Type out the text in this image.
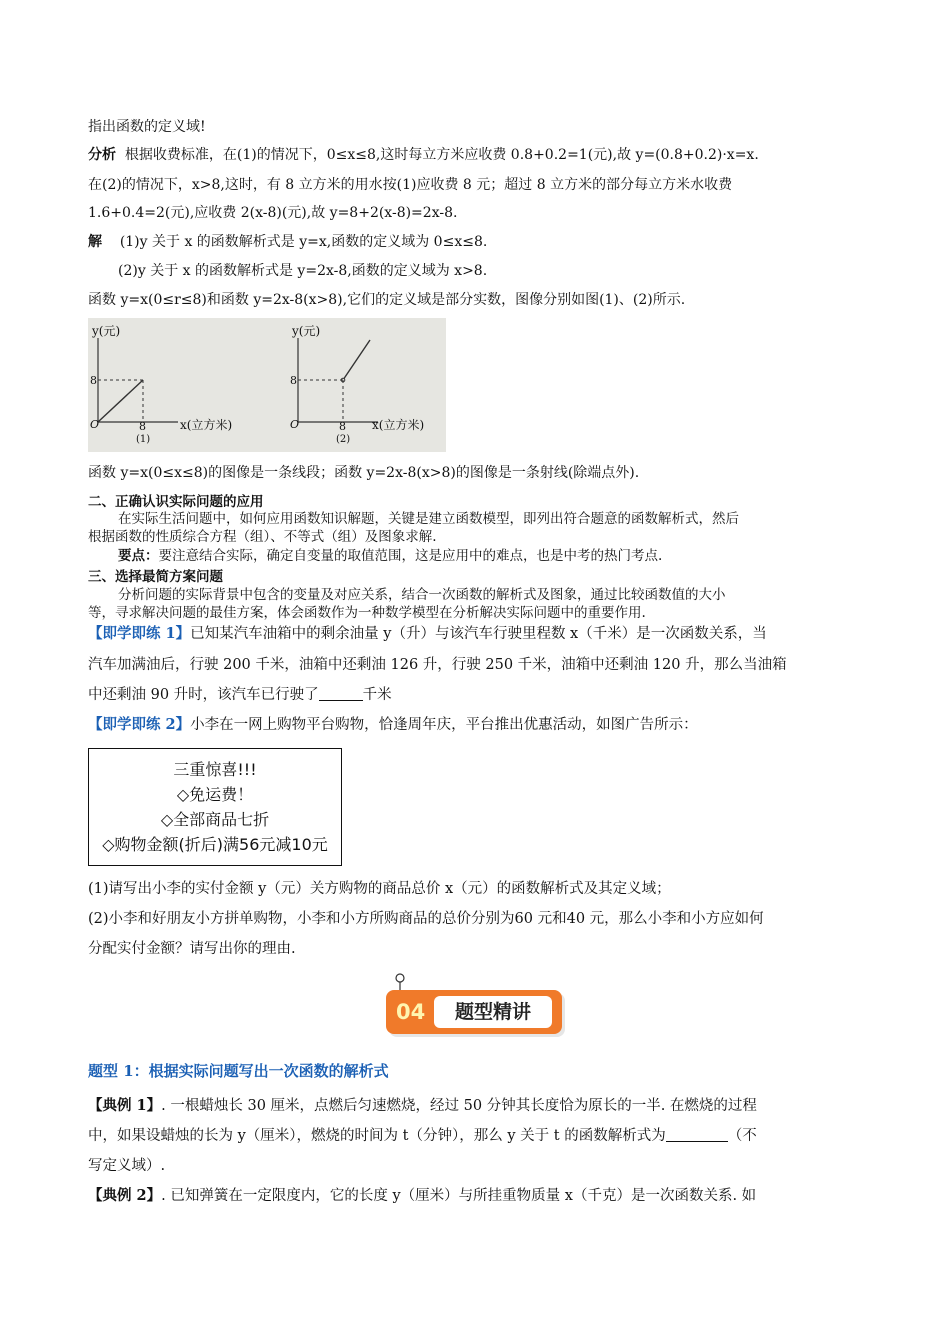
指出函数的定义域!
分析 根据收费标准，在(1)的情况下，0≤x≤8,这时每立方米应收费 0.8+0.2=1(元),故 y=(0.8+0.2)·x=x.
在(2)的情况下，x>8,这时，有 8 立方米的用水按(1)应收费 8 元；超过 8 立方米的部分每立方米水收费
1.6+0.4=2(元),应收费 2(x-8)(元),故 y=8+2(x-8)=2x-8.
解 (1)y 关于 x 的函数解析式是 y=x,函数的定义域为 0≤x≤8.
(2)y 关于 x 的函数解析式是 y=2x-8,函数的定义域为 x>8.
函数 y=x(0≤r≤8)和函数 y=2x-8(x>8),它们的定义域是部分实数，图像分别如图(1)、(2)所示.
y(元)
8
O	8	x(立方米)
(1)
y(元)
8
O	8 x(立方米)
(2)
函数 y=x(0≤x≤8)的图像是一条线段；函数 y=2x-8(x>8)的图像是一条射线(除端点外).
二、正确认识实际问题的应用
在实际生活问题中，如何应用函数知识解题，关键是建立函数模型，即列出符合题意的函数解析式，然后
根据函数的性质综合方程（组）、不等式（组）及图象求解.
要点：要注意结合实际，确定自变量的取值范围，这是应用中的难点，也是中考的热门考点.
三、选择最简方案问题
分析问题的实际背景中包含的变量及对应关系，结合一次函数的解析式及图象，通过比较函数值的大小
等，寻求解决问题的最佳方案，体会函数作为一种数学模型在分析解决实际问题中的重要作用.
【即学即练 1】已知某汽车油箱中的剩余油量 y（升）与该汽车行驶里程数 x（千米）是一次函数关系，当
汽车加满油后，行驶 200 千米，油箱中还剩油 126 升，行驶 250 千米，油箱中还剩油 120 升，那么当油箱
中还剩油 90 升时，该汽车已行驶了	千米
【即学即练 2】小李在一网上购物平台购物，恰逢周年庆，平台推出优惠活动，如图广告所示：
三重惊喜!!!
◇免运费！
◇全部商品七折
◇购物金额(折后)满56元减10元
(1)请写出小李的实付金额 y（元）关方购物的商品总价 x（元）的函数解析式及其定义域；
(2)小李和好朋友小方拼单购物，小李和小方所购商品的总价分别为60 元和40 元，那么小李和小方应如何
分配实付金额？请写出你的理由.
04	题型精讲
题型 1：根据实际问题写出一次函数的解析式
【典例 1】. 一根蜡烛长 30 厘米，点燃后匀速燃烧，经过 50 分钟其长度恰为原长的一半. 在燃烧的过程
中，如果设蜡烛的长为 y（厘米），燃烧的时间为 t（分钟），那么 y 关于 t 的函数解析式为	（不
写定义域）.
【典例 2】. 已知弹簧在一定限度内，它的长度 y（厘米）与所挂重物质量 x（千克）是一次函数关系. 如
